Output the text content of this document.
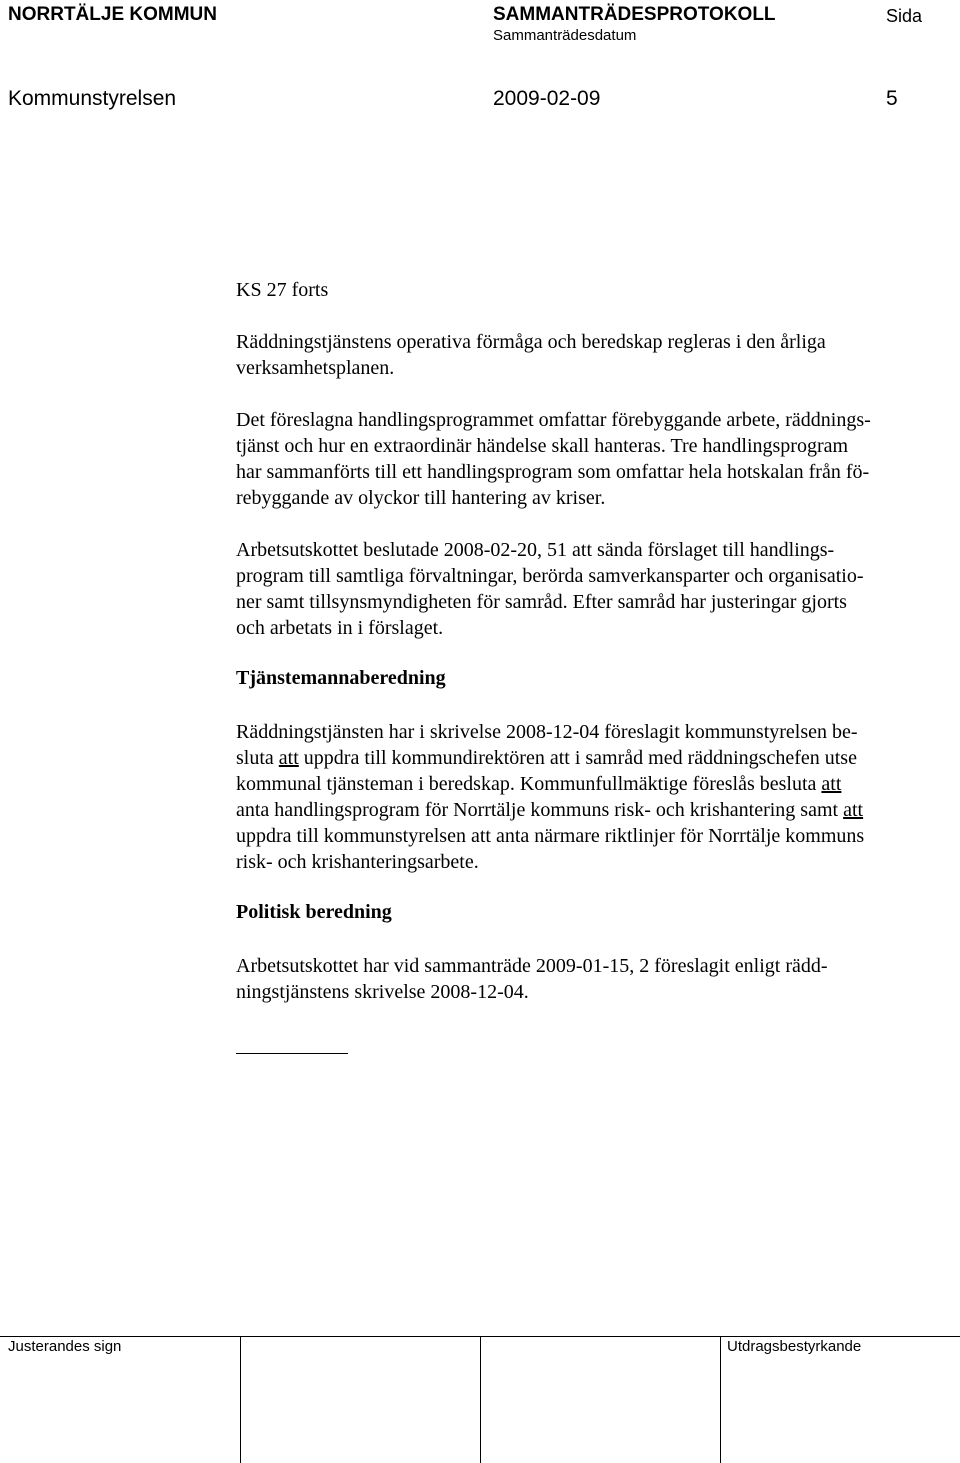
NORRTÄLJE KOMMUN	SAMMANTRÄDESPROTOKOLL
Sammanträdesdatum
Sida
Kommunstyrelsen	2009-02-09	5
KS 27 forts
Räddningstjänstens operativa förmåga och beredskap regleras i den årliga
verksamhetsplanen.
Det föreslagna handlingsprogrammet omfattar förebyggande arbete, räddnings-
tjänst och hur en extraordinär händelse skall hanteras. Tre handlingsprogram
har sammanförts till ett handlingsprogram som omfattar hela hotskalan från fö-
rebyggande av olyckor till hantering av kriser.
Arbetsutskottet beslutade 2008-02-20, 51 att sända förslaget till handlings-
program till samtliga förvaltningar, berörda samverkansparter och organisatio-
ner samt tillsynsmyndigheten för samråd. Efter samråd har justeringar gjorts
och arbetats in i förslaget.
Tjänstemannaberedning
Räddningstjänsten har i skrivelse 2008-12-04 föreslagit kommunstyrelsen be-
sluta att uppdra till kommundirektören att i samråd med räddningschefen utse
kommunal tjänsteman i beredskap. Kommunfullmäktige föreslås besluta att
anta handlingsprogram för Norrtälje kommuns risk- och krishantering samt att
uppdra till kommunstyrelsen att anta närmare riktlinjer för Norrtälje kommuns
risk- och krishanteringsarbete.
Politisk beredning
Arbetsutskottet har vid sammanträde 2009-01-15, 2 föreslagit enligt rädd-
ningstjänstens skrivelse 2008-12-04.
Justerandes sign	Utdragsbestyrkande
